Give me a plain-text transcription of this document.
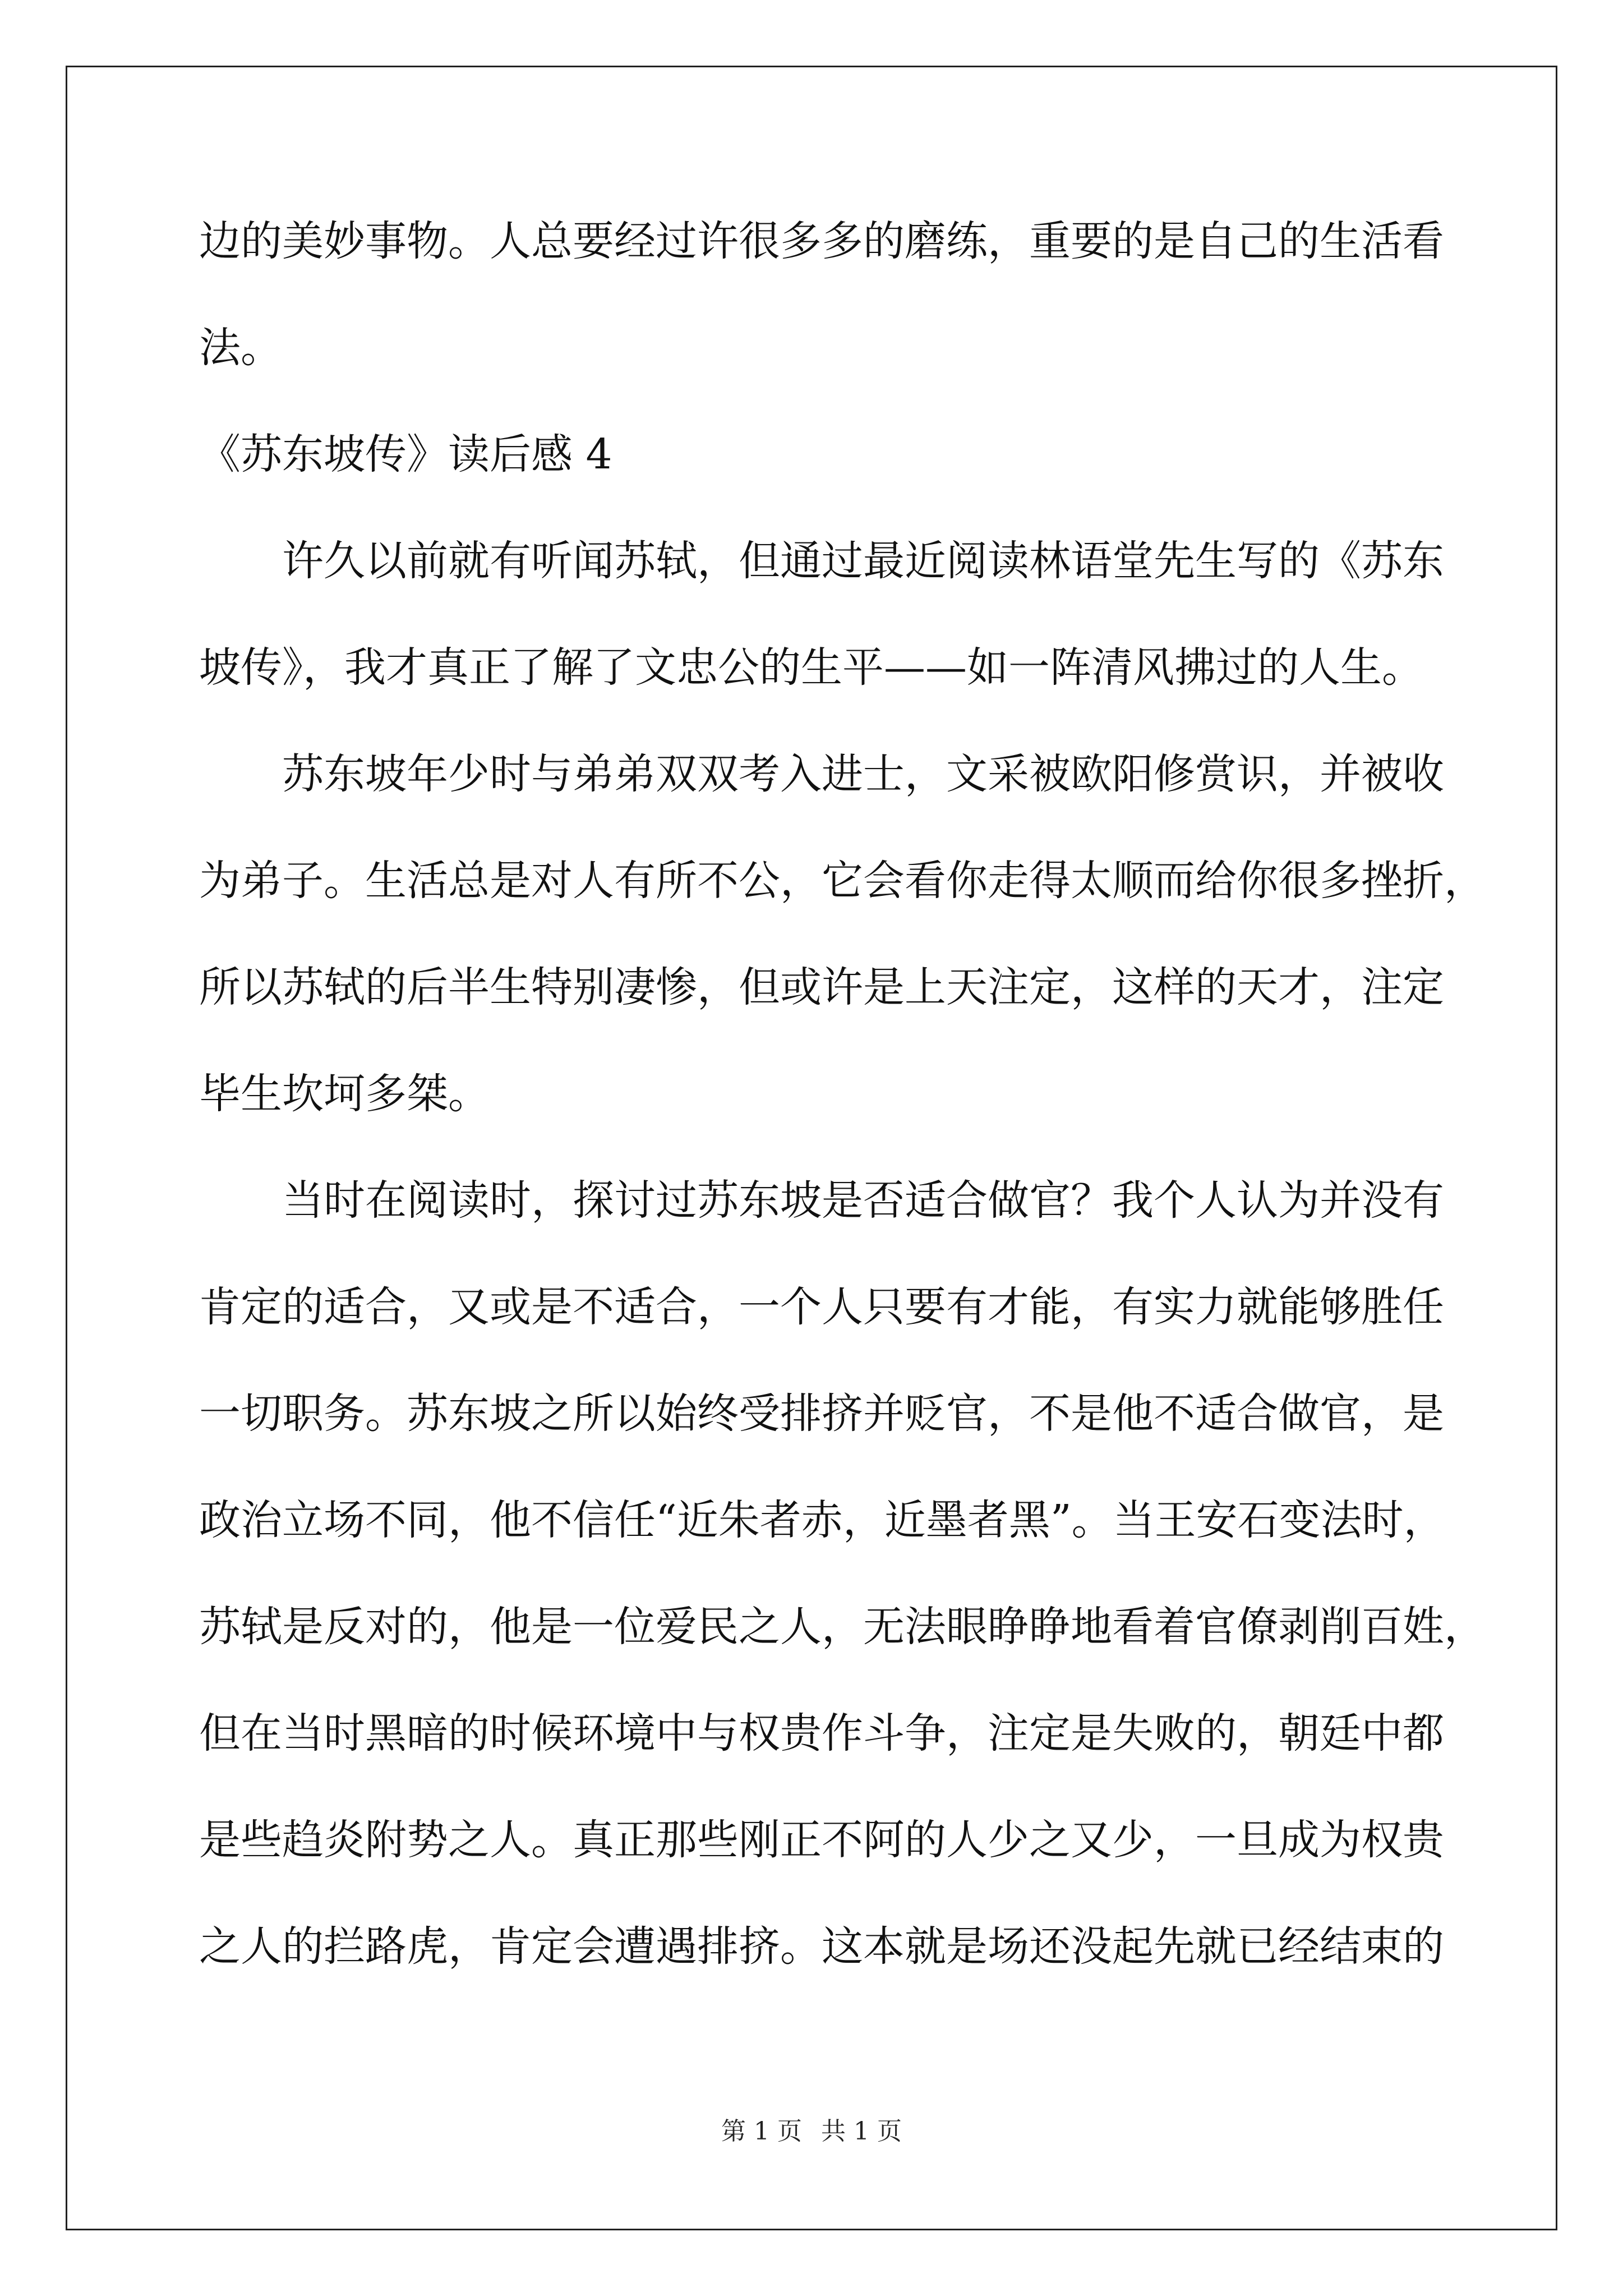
边的美妙事物。人总要经过许很多多的磨练，重要的是自己的生活看
法。
《苏东坡传》读后感 4
　　许久以前就有听闻苏轼，但通过最近阅读林语堂先生写的《苏东
坡传》，我才真正了解了文忠公的生平——如一阵清风拂过的人生。
　　苏东坡年少时与弟弟双双考入进士，文采被欧阳修赏识，并被收
为弟子。生活总是对人有所不公，它会看你走得太顺而给你很多挫折，
所以苏轼的后半生特别凄惨，但或许是上天注定，这样的天才，注定
毕生坎坷多桀。
　　当时在阅读时，探讨过苏东坡是否适合做官？我个人认为并没有
肯定的适合，又或是不适合，一个人只要有才能，有实力就能够胜任
一切职务。苏东坡之所以始终受排挤并贬官，不是他不适合做官，是
政治立场不同，他不信任“近朱者赤，近墨者黑”。当王安石变法时，
苏轼是反对的，他是一位爱民之人，无法眼睁睁地看着官僚剥削百姓，
但在当时黑暗的时候环境中与权贵作斗争，注定是失败的，朝廷中都
是些趋炎附势之人。真正那些刚正不阿的人少之又少，一旦成为权贵
之人的拦路虎，肯定会遭遇排挤。这本就是场还没起先就已经结束的
第 1 页 共 1 页
